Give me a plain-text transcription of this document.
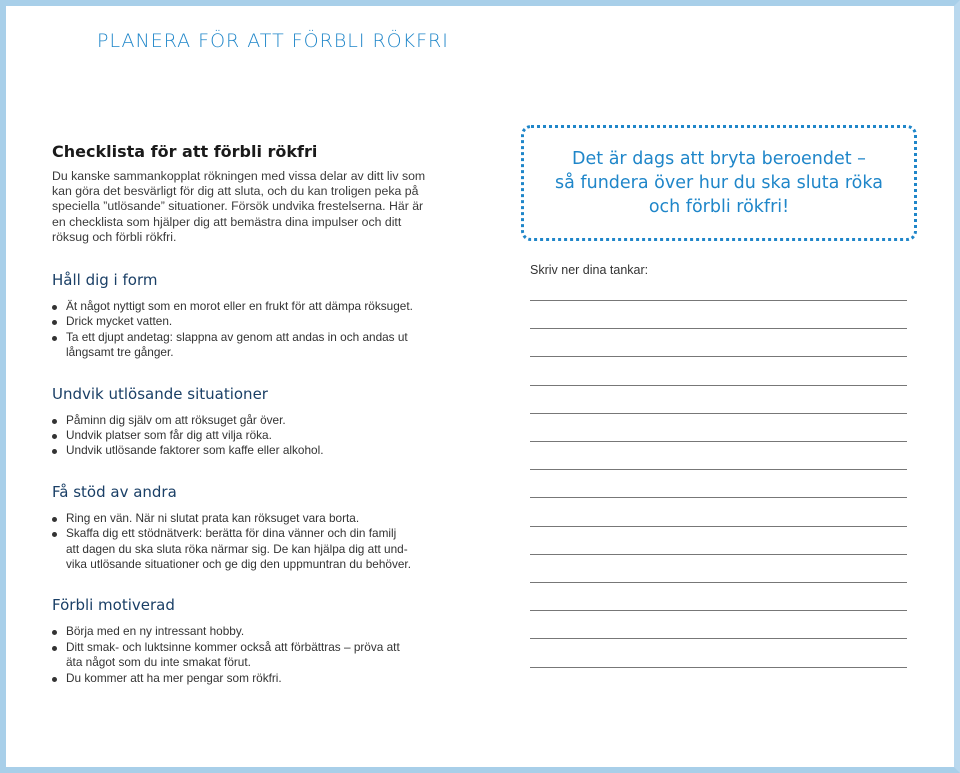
PLANERA FÖR ATT FÖRBLI RÖKFRI
Checklista för att förbli rökfri

Du kanske sammankopplat rökningen med vissa delar av ditt liv som
kan göra det besvärligt för dig att sluta, och du kan troligen peka på
speciella ”utlösande” situationer. Försök undvika frestelserna. Här är
en checklista som hjälper dig att bemästra dina impulser och ditt
röksug och förbli rökfri.

Håll dig i form
Ät något nyttigt som en morot eller en frukt för att dämpa röksuget.
Drick mycket vatten.
Ta ett djupt andetag: slappna av genom att andas in och andas ut
långsamt tre gånger.
Undvik utlösande situationer
Påminn dig själv om att röksuget går över.
Undvik platser som får dig att vilja röka.
Undvik utlösande faktorer som kaffe eller alkohol.
Få stöd av andra
Ring en vän. När ni slutat prata kan röksuget vara borta.
Skaffa dig ett stödnätverk: berätta för dina vänner och din familj
att dagen du ska sluta röka närmar sig. De kan hjälpa dig att und-
vika utlösande situationer och ge dig den uppmuntran du behöver.
Förbli motiverad
Börja med en ny intressant hobby.
Ditt smak- och luktsinne kommer också att förbättras – pröva att
äta något som du inte smakat förut.
Du kommer att ha mer pengar som rökfri.

Det är dags att bryta beroendet –
så fundera över hur du ska sluta röka
och förbli rökfri!

Skriv ner dina tankar:
